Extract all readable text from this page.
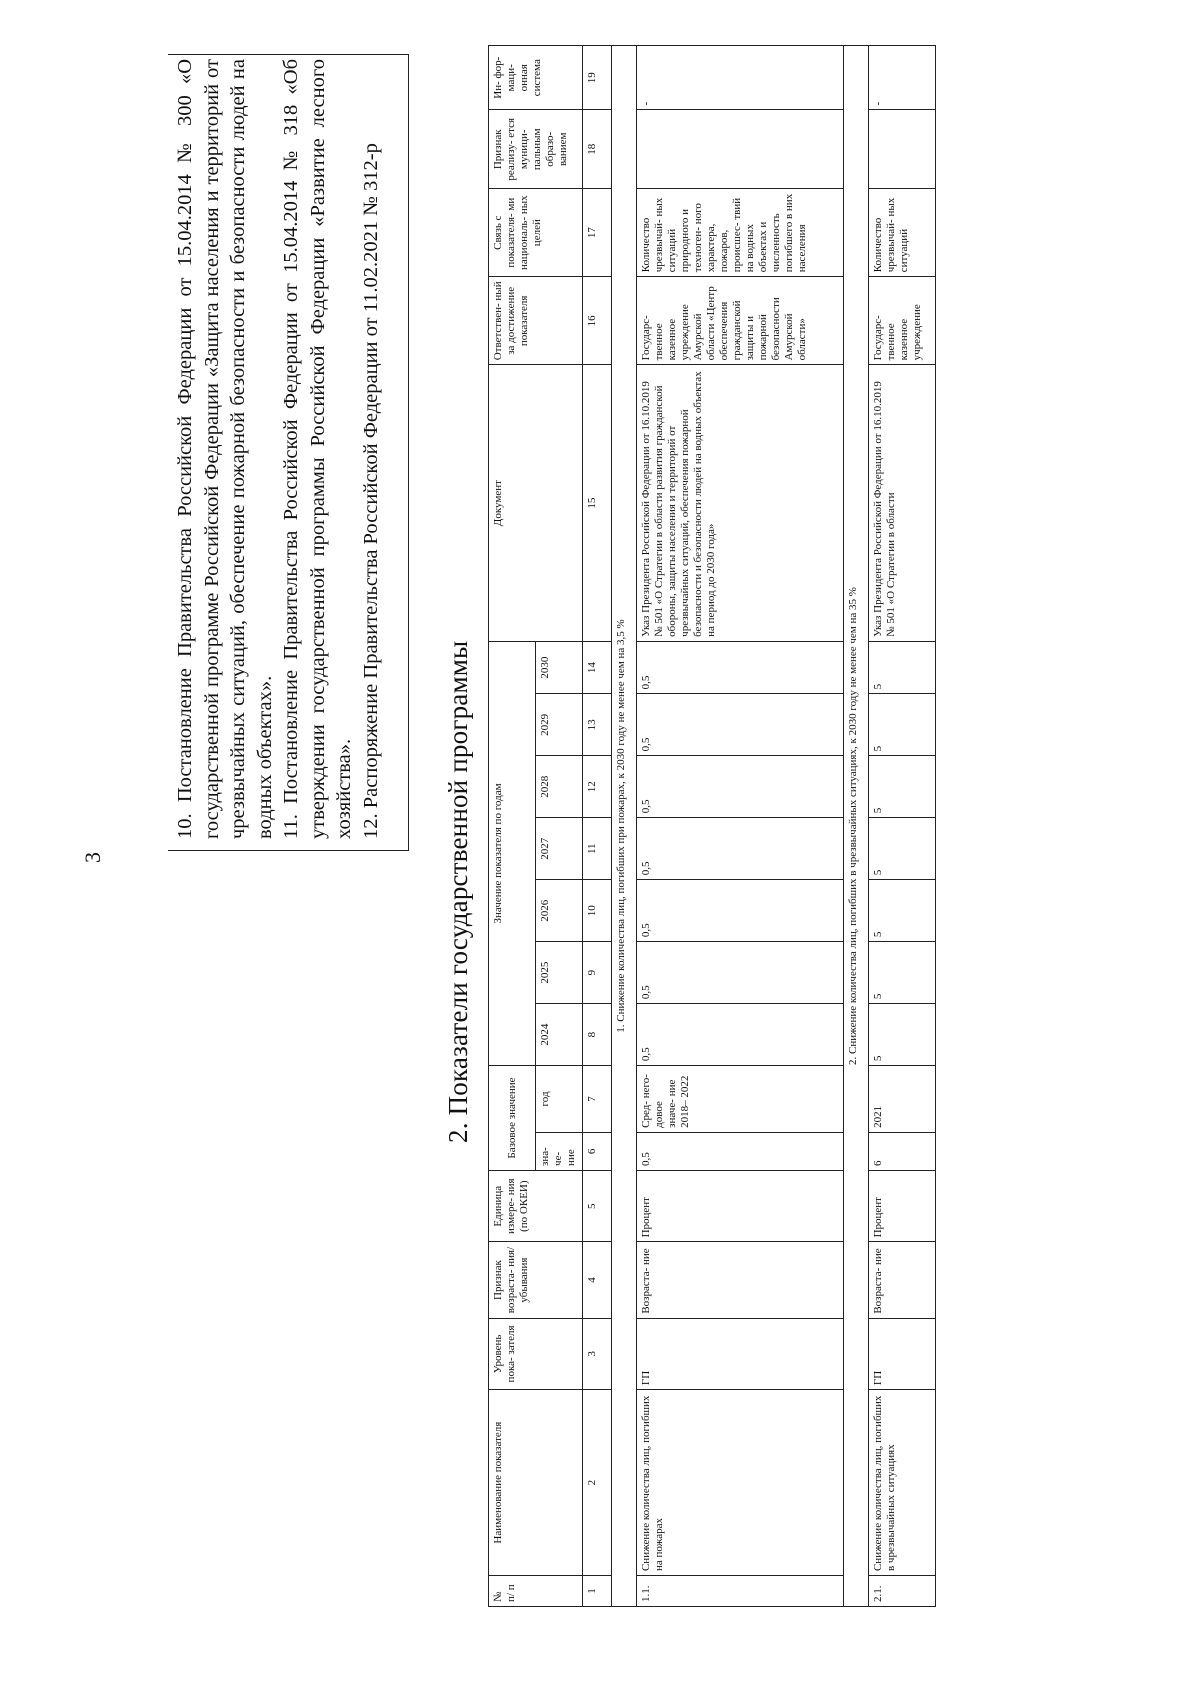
3

10. Постановление Правительства Российской Федерации от 15.04.2014 № 300 «О государственной программе Российской Федерации «Защита населения и территорий от чрезвычайных ситуаций, обеспечение пожарной безопасности и безопасности людей на водных объектах». 11. Постановление Правительства Российской Федерации от 15.04.2014 № 318 «Об утверждении государственной программы Российской Федерации «Развитие лесного хозяйства». 12. Распоряжение Правительства Российской Федерации от 11.02.2021 № 312-р

2. Показатели государственной программы
№ п/ п	Наименование показателя	Уровень пока- зателя	Признак возраста- ния/ убывания	Единица измере- ния (по ОКЕИ)	Базовое значение		Значение показателя по годам							Документ	Ответствен- ный за достижение показателя	Связь с показателя- ми националь- ных целей	Признак реализу- ется муници- пальным образо- ванием	Ин- фор- маци- онная система
					зна- че- ние	год	2024	2025	2026	2027	2028	2029	2030					
1	2	3	4	5	6	7	8	9	10	11	12	13	14	15	16	17	18	19
1. Снижение количества лиц, погибших при пожарах, к 2030 году не менее чем на 3,5 %																		
1.1.	Снижение количества лиц, погибших на пожарах	ГП	Возраста- ние	Процент	0,5	Сред- него- довое значе- ние 2018– 2022	0,5	0,5	0,5	0,5	0,5	0,5	0,5	Указ Президента Российской Федерации от 16.10.2019 № 501 «О Стратегии в области развития гражданской обороны, защиты населения и территорий от чрезвычайных ситуаций, обеспечения пожарной безопасности и безопасности людей на водных объектах на период до 2030 года»	Государс- твенное казенное учреждение Амурской области «Центр обеспечения гражданской защиты и пожарной безопасности Амурской области»	Количество чрезвычай- ных ситуаций природного и техноген- ного характера, пожаров, происшес- твий на водных объектах и численность погибшего в них населения		-
2. Снижение количества лиц, погибших в чрезвычайных ситуациях, к 2030 году не менее чем на 35 %																		
2.1.	Снижение количества лиц, погибших в чрезвычайных ситуациях	ГП	Возраста- ние	Процент	6	2021	5	5	5	5	5	5	5	Указ Президента Российской Федерации от 16.10.2019 № 501 «О Стратегии в области	Государс- твенное казенное учреждение	Количество чрезвычай- ных ситуаций		-
